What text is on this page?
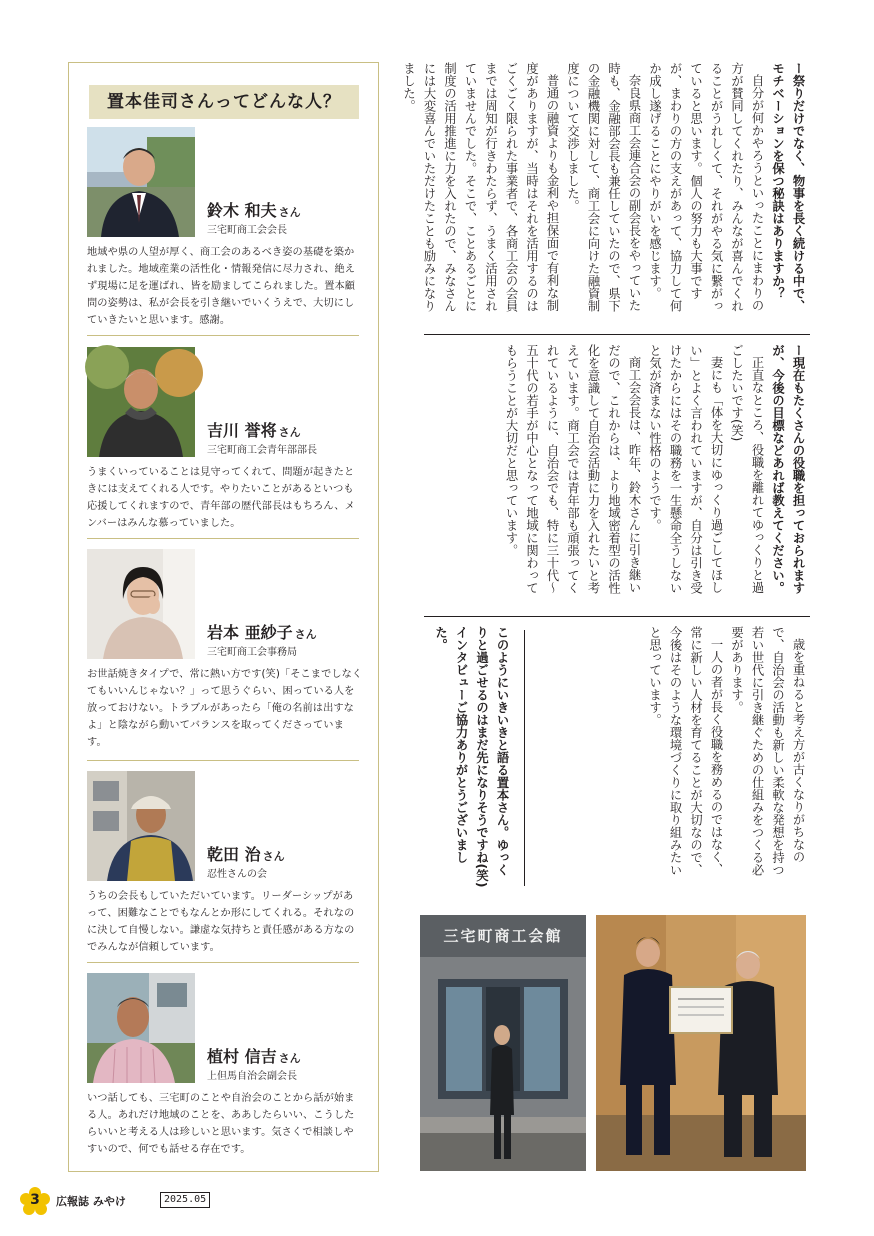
置本佳司さんってどんな人？
鈴木 和夫 さん
三宅町商工会会長
地域や県の人望が厚く、商工会のあるべき姿の基礎を築かれました。地域産業の活性化・情報発信に尽力され、絶えず現場に足を運ばれ、皆を励ましてこられました。置本顧問の姿勢は、私が会長を引き継いでいくうえで、大切にしていきたいと思います。感謝。
吉川 誉将 さん
三宅町商工会青年部部長
うまくいっていることは見守ってくれて、問題が起きたときには支えてくれる人です。やりたいことがあるといつも応援してくれますので、青年部の歴代部長はもちろん、メンバーはみんな慕っていました。
岩本 亜紗子 さん
三宅町商工会事務局
お世話焼きタイプで、常に熱い方です(笑)「そこまでしなくてもいいんじゃない？」って思うぐらい、困っている人を放っておけない。トラブルがあったら「俺の名前は出すなよ」と陰ながら動いてバランスを取ってくださっています。
乾田 治 さん
忍性さんの会
うちの会長もしていただいています。リーダーシップがあって、困難なことでもなんとか形にしてくれる。それなのに決して自慢しない。謙虚な気持ちと責任感がある方なのでみんなが信頼しています。
植村 信吉 さん
上但馬自治会副会長
いつ話しても、三宅町のことや自治会のことから話が始まる人。あれだけ地域のことを、ああしたらいい、こうしたらいいと考える人は珍しいと思います。気さくで相談しやすいので、何でも話せる存在です。

ー祭りだけでなく、物事を長く続ける中で、モチベーションを保つ秘訣はありますか？

自分が何かやろうといったことにまわりの方が賛同してくれたり、みんなが喜んでくれることがうれしくて、それがやる気に繋がっていると思います。個人の努力も大事ですが、まわりの方の支えがあって、協力して何か成し遂げることにやりがいを感じます。

奈良県商工会連合会の副会長をやっていた時も、金融部会長も兼任していたので、県下の金融機関に対して、商工会に向けた融資制度について交渉しました。

普通の融資よりも金利や担保面で有利な制度がありますが、当時はそれを活用するのはごくごく限られた事業者で、各商工会の会員までは周知が行きわたらず、うまく活用されていませんでした。そこで、ことあるごとに制度の活用推進に力を入れたので、みなさんには大変喜んでいただけたことも励みになりました。

ー現在もたくさんの役職を担っておられますが、今後の目標などあれば教えてください。

正直なところ、役職を離れてゆっくりと過ごしたいです(笑)

妻にも「体を大切にゆっくり過ごしてほしい」とよく言われていますが、自分は引き受けたからにはその職務を一生懸命全うしないと気が済まない性格のようです。

商工会会長は、昨年、鈴木さんに引き継いだので、これからは、より地域密着型の活性化を意識して自治会活動に力を入れたいと考えています。商工会では青年部も頑張ってくれているように、自治会でも、特に三十代～五十代の若手が中心となって地域に関わってもらうことが大切だと思っています。

歳を重ねると考え方が古くなりがちなので、自治会の活動も新しい柔軟な発想を持つ若い世代に引き継ぐための仕組みをつくる必要があります。

一人の者が長く役職を務めるのではなく、常に新しい人材を育てることが大切なので、今後はそのような環境づくりに取り組みたいと思っています。

このようにいきいきと語る置本さん。ゆっくりと過ごせるのはまだ先になりそうですね(笑)

インタビューご協力ありがとうございました。

三宅町商工会館
3	広報誌 みやけ	2025.05
